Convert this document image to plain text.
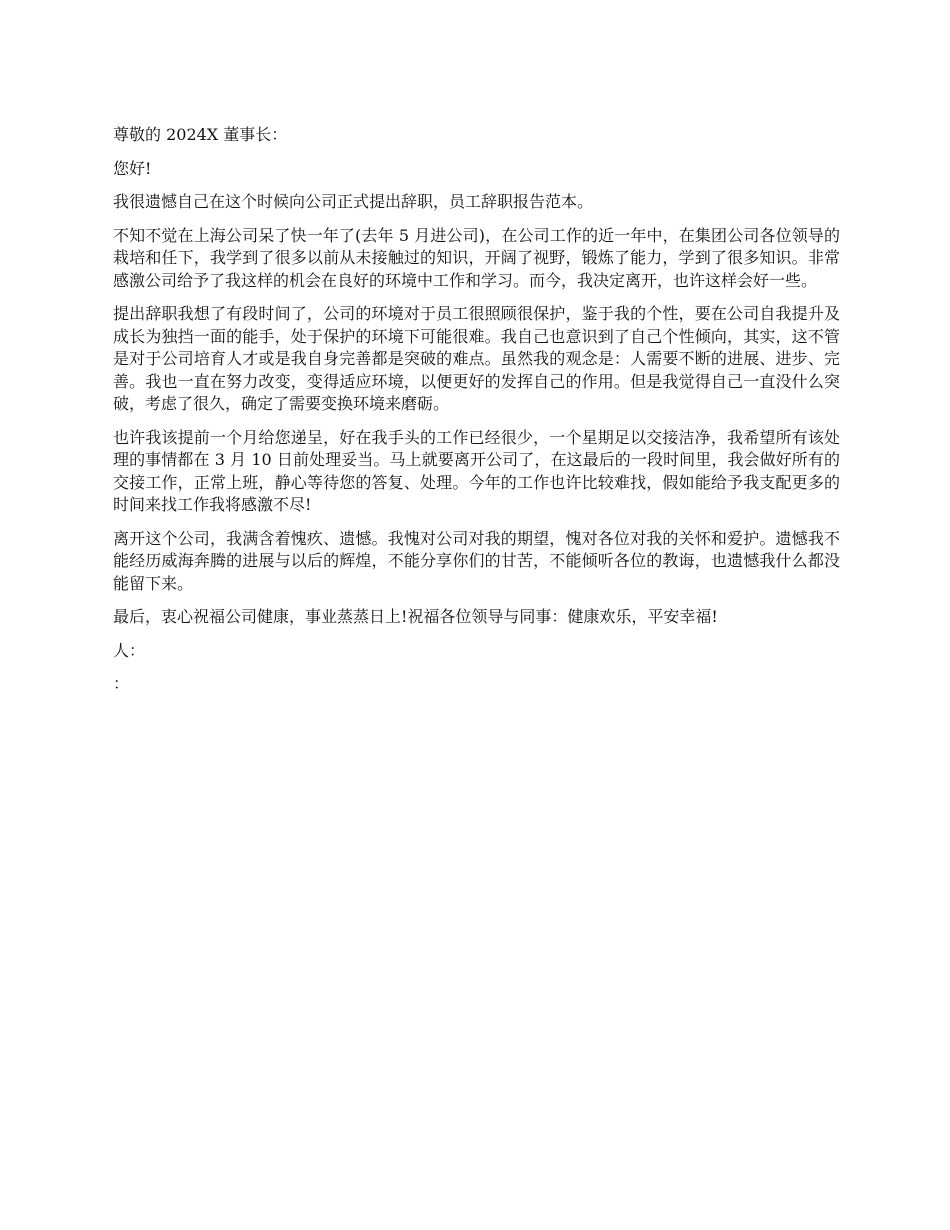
尊敬的 2024X 董事长：

您好!

我很遗憾自己在这个时候向公司正式提出辞职，员工辞职报告范本。

不知不觉在上海公司呆了快一年了(去年 5 月进公司)，在公司工作的近一年中，在集团公司各位领导的栽培和任下，我学到了很多以前从未接触过的知识，开阔了视野，锻炼了能力，学到了很多知识。非常感激公司给予了我这样的机会在良好的环境中工作和学习。而今，我决定离开，也许这样会好一些。

提出辞职我想了有段时间了，公司的环境对于员工很照顾很保护，鉴于我的个性，要在公司自我提升及成长为独挡一面的能手，处于保护的环境下可能很难。我自己也意识到了自己个性倾向，其实，这不管是对于公司培育人才或是我自身完善都是突破的难点。虽然我的观念是：人需要不断的进展、进步、完善。我也一直在努力改变，变得适应环境，以便更好的发挥自己的作用。但是我觉得自己一直没什么突破，考虑了很久，确定了需要变换环境来磨砺。

也许我该提前一个月给您递呈，好在我手头的工作已经很少，一个星期足以交接洁净，我希望所有该处理的事情都在 3 月 10 日前处理妥当。马上就要离开公司了，在这最后的一段时间里，我会做好所有的交接工作，正常上班，静心等待您的答复、处理。今年的工作也许比较难找，假如能给予我支配更多的时间来找工作我将感激不尽!

离开这个公司，我满含着愧疚、遗憾。我愧对公司对我的期望，愧对各位对我的关怀和爱护。遗憾我不能经历威海奔腾的进展与以后的辉煌，不能分享你们的甘苦，不能倾听各位的教诲，也遗憾我什么都没能留下来。

最后，衷心祝福公司健康，事业蒸蒸日上!祝福各位领导与同事：健康欢乐，平安幸福!

人：

：
